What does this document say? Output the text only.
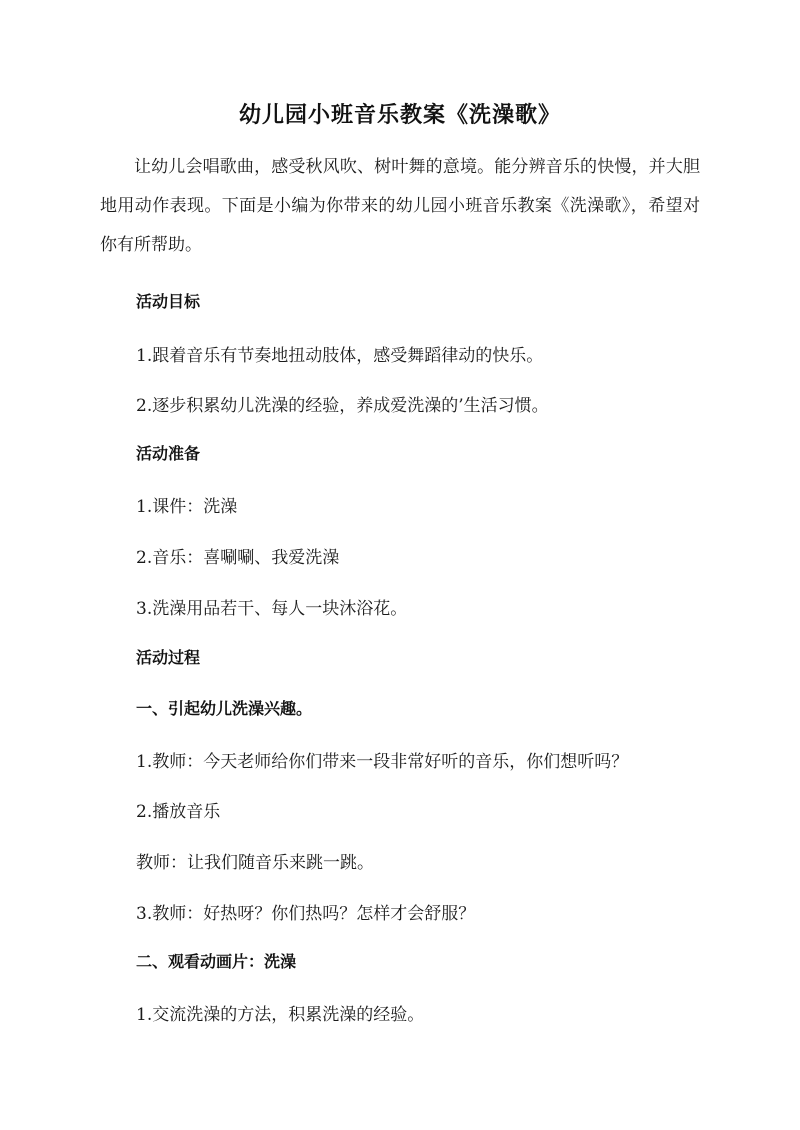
幼儿园小班音乐教案《洗澡歌》

让幼儿会唱歌曲，感受秋风吹、树叶舞的意境。能分辨音乐的快慢，并大胆地用动作表现。下面是小编为你带来的幼儿园小班音乐教案《洗澡歌》，希望对你有所帮助。

活动目标

1.跟着音乐有节奏地扭动肢体，感受舞蹈律动的快乐。

2.逐步积累幼儿洗澡的经验，养成爱洗澡的’生活习惯。

活动准备

1.课件：洗澡

2.音乐：喜唰唰、我爱洗澡

3.洗澡用品若干、每人一块沐浴花。

活动过程

一、引起幼儿洗澡兴趣。

1.教师：今天老师给你们带来一段非常好听的音乐，你们想听吗？

2.播放音乐

教师：让我们随音乐来跳一跳。

3.教师：好热呀？你们热吗？怎样才会舒服？

二、观看动画片：洗澡

1.交流洗澡的方法，积累洗澡的经验。
